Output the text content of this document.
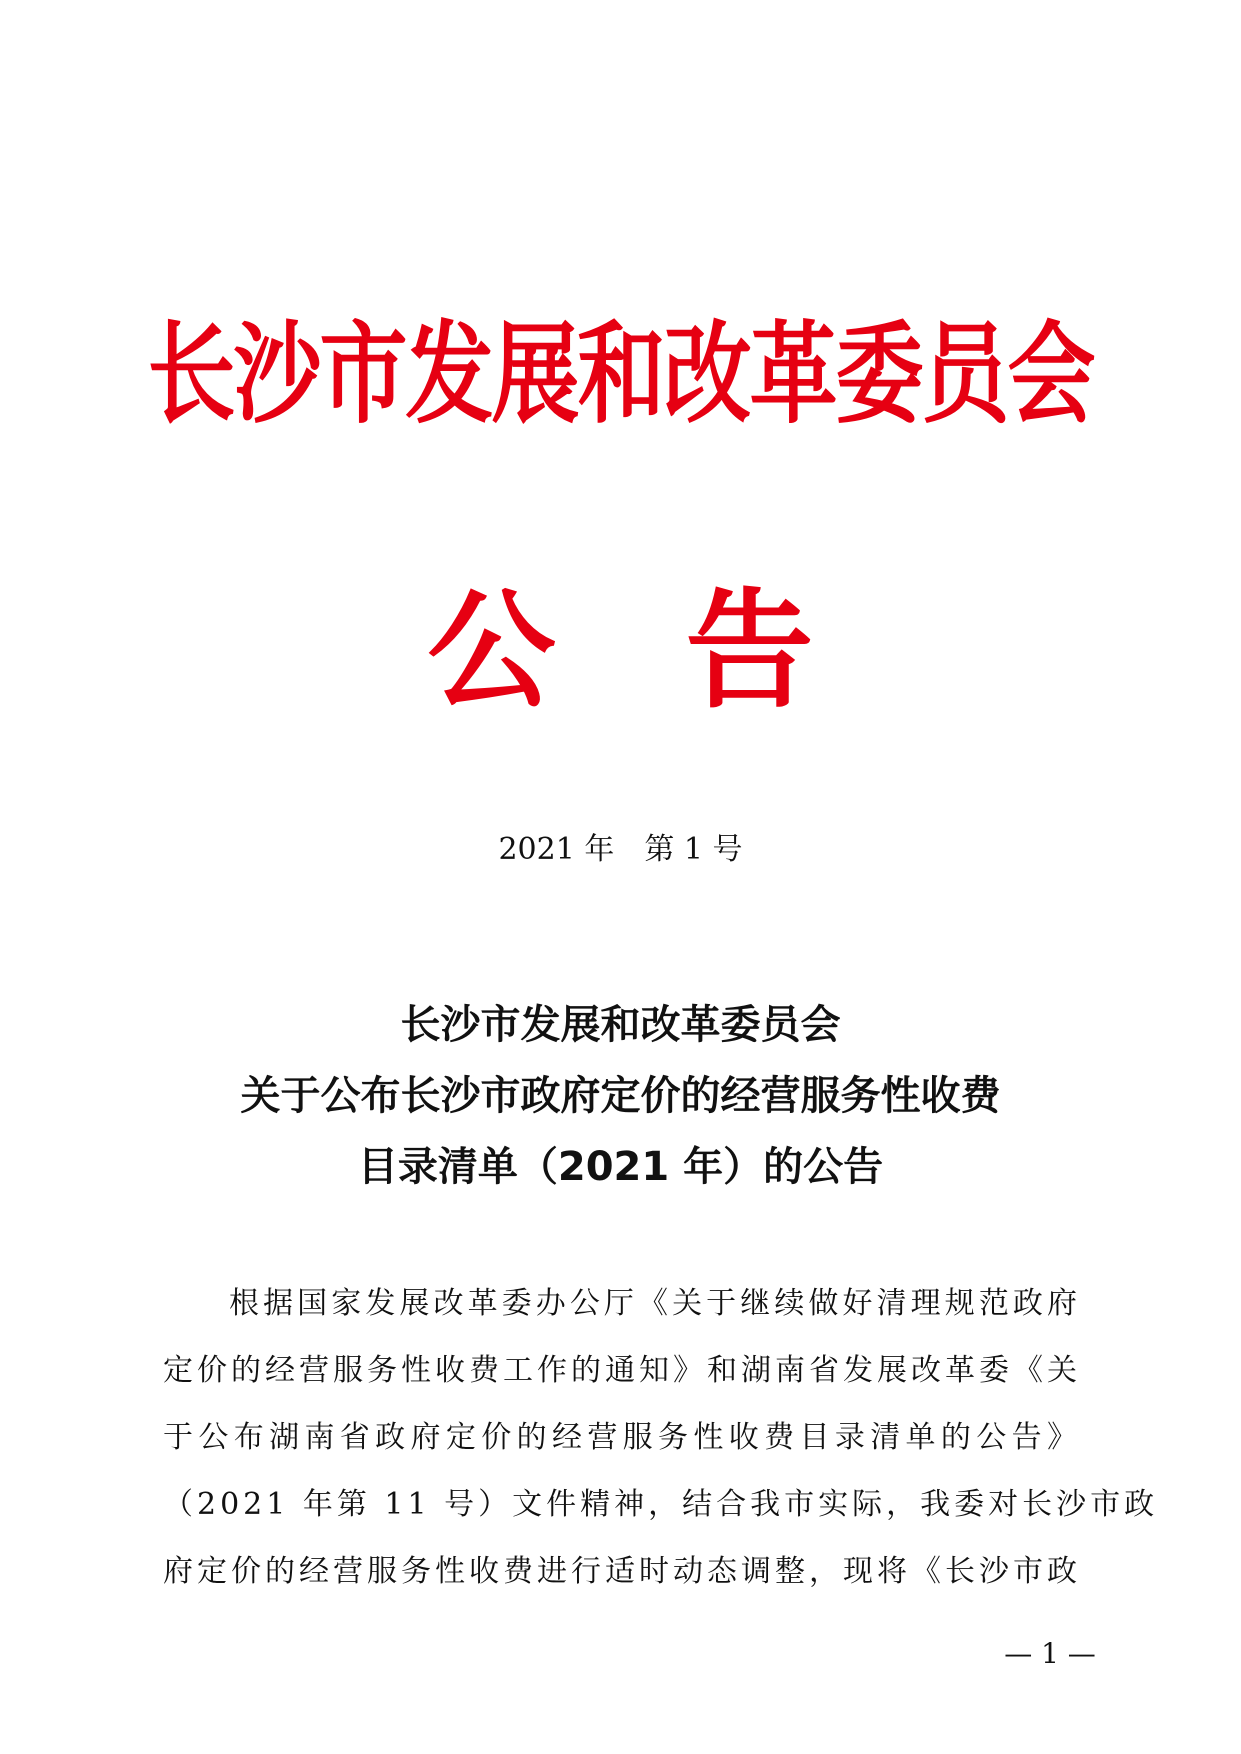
长沙市发展和改革委员会
公 告
2021 年 第 1 号
长沙市发展和改革委员会
关于公布长沙市政府定价的经营服务性收费
目录清单（2021 年）的公告
根据国家发展改革委办公厅《关于继续做好清理规范政府
定价的经营服务性收费工作的通知》和湖南省发展改革委《关
于公布湖南省政府定价的经营服务性收费目录清单的公告》
（2021 年第 11 号）文件精神，结合我市实际，我委对长沙市政
府定价的经营服务性收费进行适时动态调整，现将《长沙市政
— 1 —
